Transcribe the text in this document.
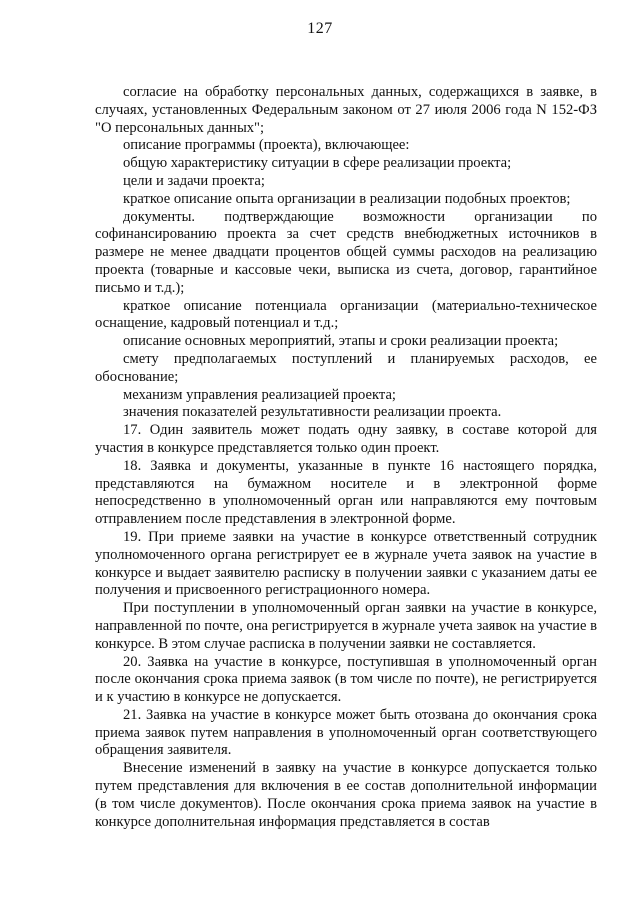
127

согласие на обработку персональных данных, содержащихся в заявке, в случаях, установленных Федеральным законом от 27 июля 2006 года N 152-ФЗ "О персональных данных";

описание программы (проекта), включающее:

общую характеристику ситуации в сфере реализации проекта;

цели и задачи проекта;

краткое описание опыта организации в реализации подобных проектов;

документы. подтверждающие возможности организации по софинансированию проекта за счет средств внебюджетных источников в размере не менее двадцати процентов общей суммы расходов на реализацию проекта (товарные и кассовые чеки, выписка из счета, договор, гарантийное письмо и т.д.);

краткое описание потенциала организации (материально-техническое оснащение, кадровый потенциал и т.д.;

описание основных мероприятий, этапы и сроки реализации проекта;

смету предполагаемых поступлений и планируемых расходов, ее обоснование;

механизм управления реализацией проекта;

значения показателей результативности реализации проекта.

17. Один заявитель может подать одну заявку, в составе которой для участия в конкурсе представляется только один проект.

18. Заявка и документы, указанные в пункте 16 настоящего порядка, представляются на бумажном носителе и в электронной форме непосредственно в уполномоченный орган или направляются ему почтовым отправлением после представления в электронной форме.

19. При приеме заявки на участие в конкурсе ответственный сотрудник уполномоченного органа регистрирует ее в журнале учета заявок на участие в конкурсе и выдает заявителю расписку в получении заявки с указанием даты ее получения и присвоенного регистрационного номера.

При поступлении в уполномоченный орган заявки на участие в конкурсе, направленной по почте, она регистрируется в журнале учета заявок на участие в конкурсе. В этом случае расписка в получении заявки не составляется.

20. Заявка на участие в конкурсе, поступившая в уполномоченный орган после окончания срока приема заявок (в том числе по почте), не регистрируется и к участию в конкурсе не допускается.

21. Заявка на участие в конкурсе может быть отозвана до окончания срока приема заявок путем направления в уполномоченный орган соответствующего обращения заявителя.

Внесение изменений в заявку на участие в конкурсе допускается только путем представления для включения в ее состав дополнительной информации (в том числе документов). После окончания срока приема заявок на участие в конкурсе дополнительная информация представляется в состав
